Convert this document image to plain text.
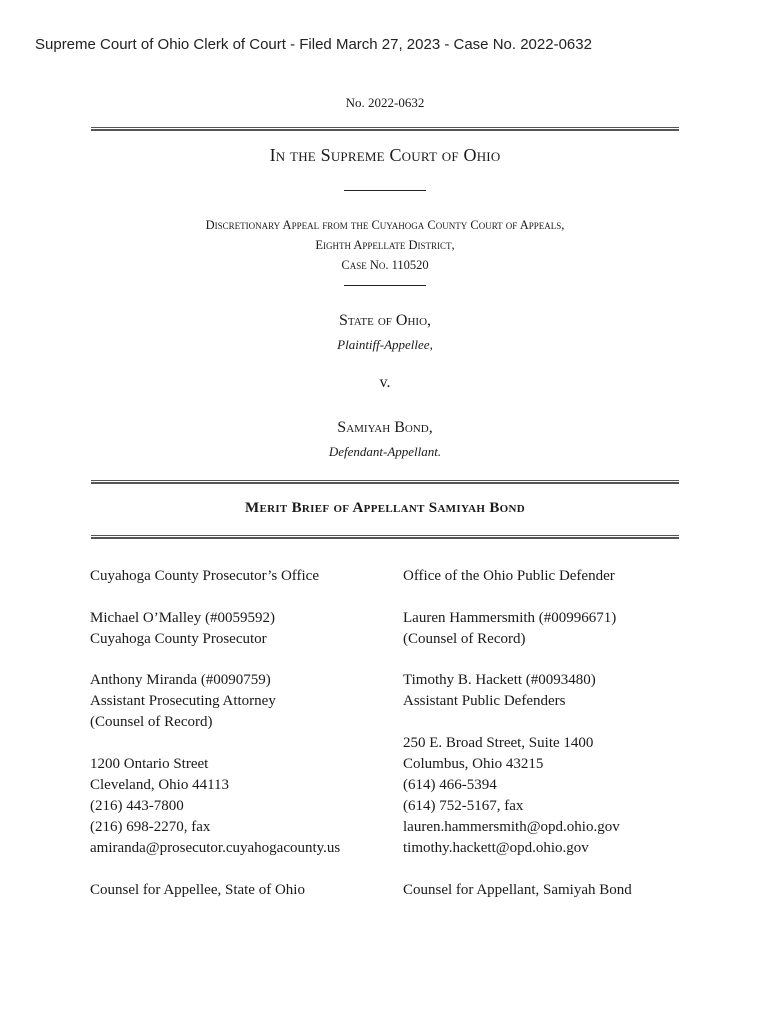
Supreme Court of Ohio Clerk of Court - Filed March 27, 2023 - Case No. 2022-0632
No. 2022-0632
In the Supreme Court of Ohio
Discretionary Appeal from the Cuyahoga County Court of Appeals,
Eighth Appellate District,
Case No. 110520
State of Ohio,
Plaintiff-Appellee,
v.
Samiyah Bond,
Defendant-Appellant.
Merit Brief of Appellant Samiyah Bond
Cuyahoga County Prosecutor’s Office
Michael O’Malley (#0059592)
Cuyahoga County Prosecutor
Anthony Miranda (#0090759)
Assistant Prosecuting Attorney
(Counsel of Record)
1200 Ontario Street
Cleveland, Ohio 44113
(216) 443-7800
(216) 698-2270, fax
amiranda@prosecutor.cuyahogacounty.us
Counsel for Appellee, State of Ohio
Office of the Ohio Public Defender
Lauren Hammersmith (#00996671)
(Counsel of Record)
Timothy B. Hackett (#0093480)
Assistant Public Defenders
250 E. Broad Street, Suite 1400
Columbus, Ohio 43215
(614) 466-5394
(614) 752-5167, fax
lauren.hammersmith@opd.ohio.gov
timothy.hackett@opd.ohio.gov
Counsel for Appellant, Samiyah Bond
